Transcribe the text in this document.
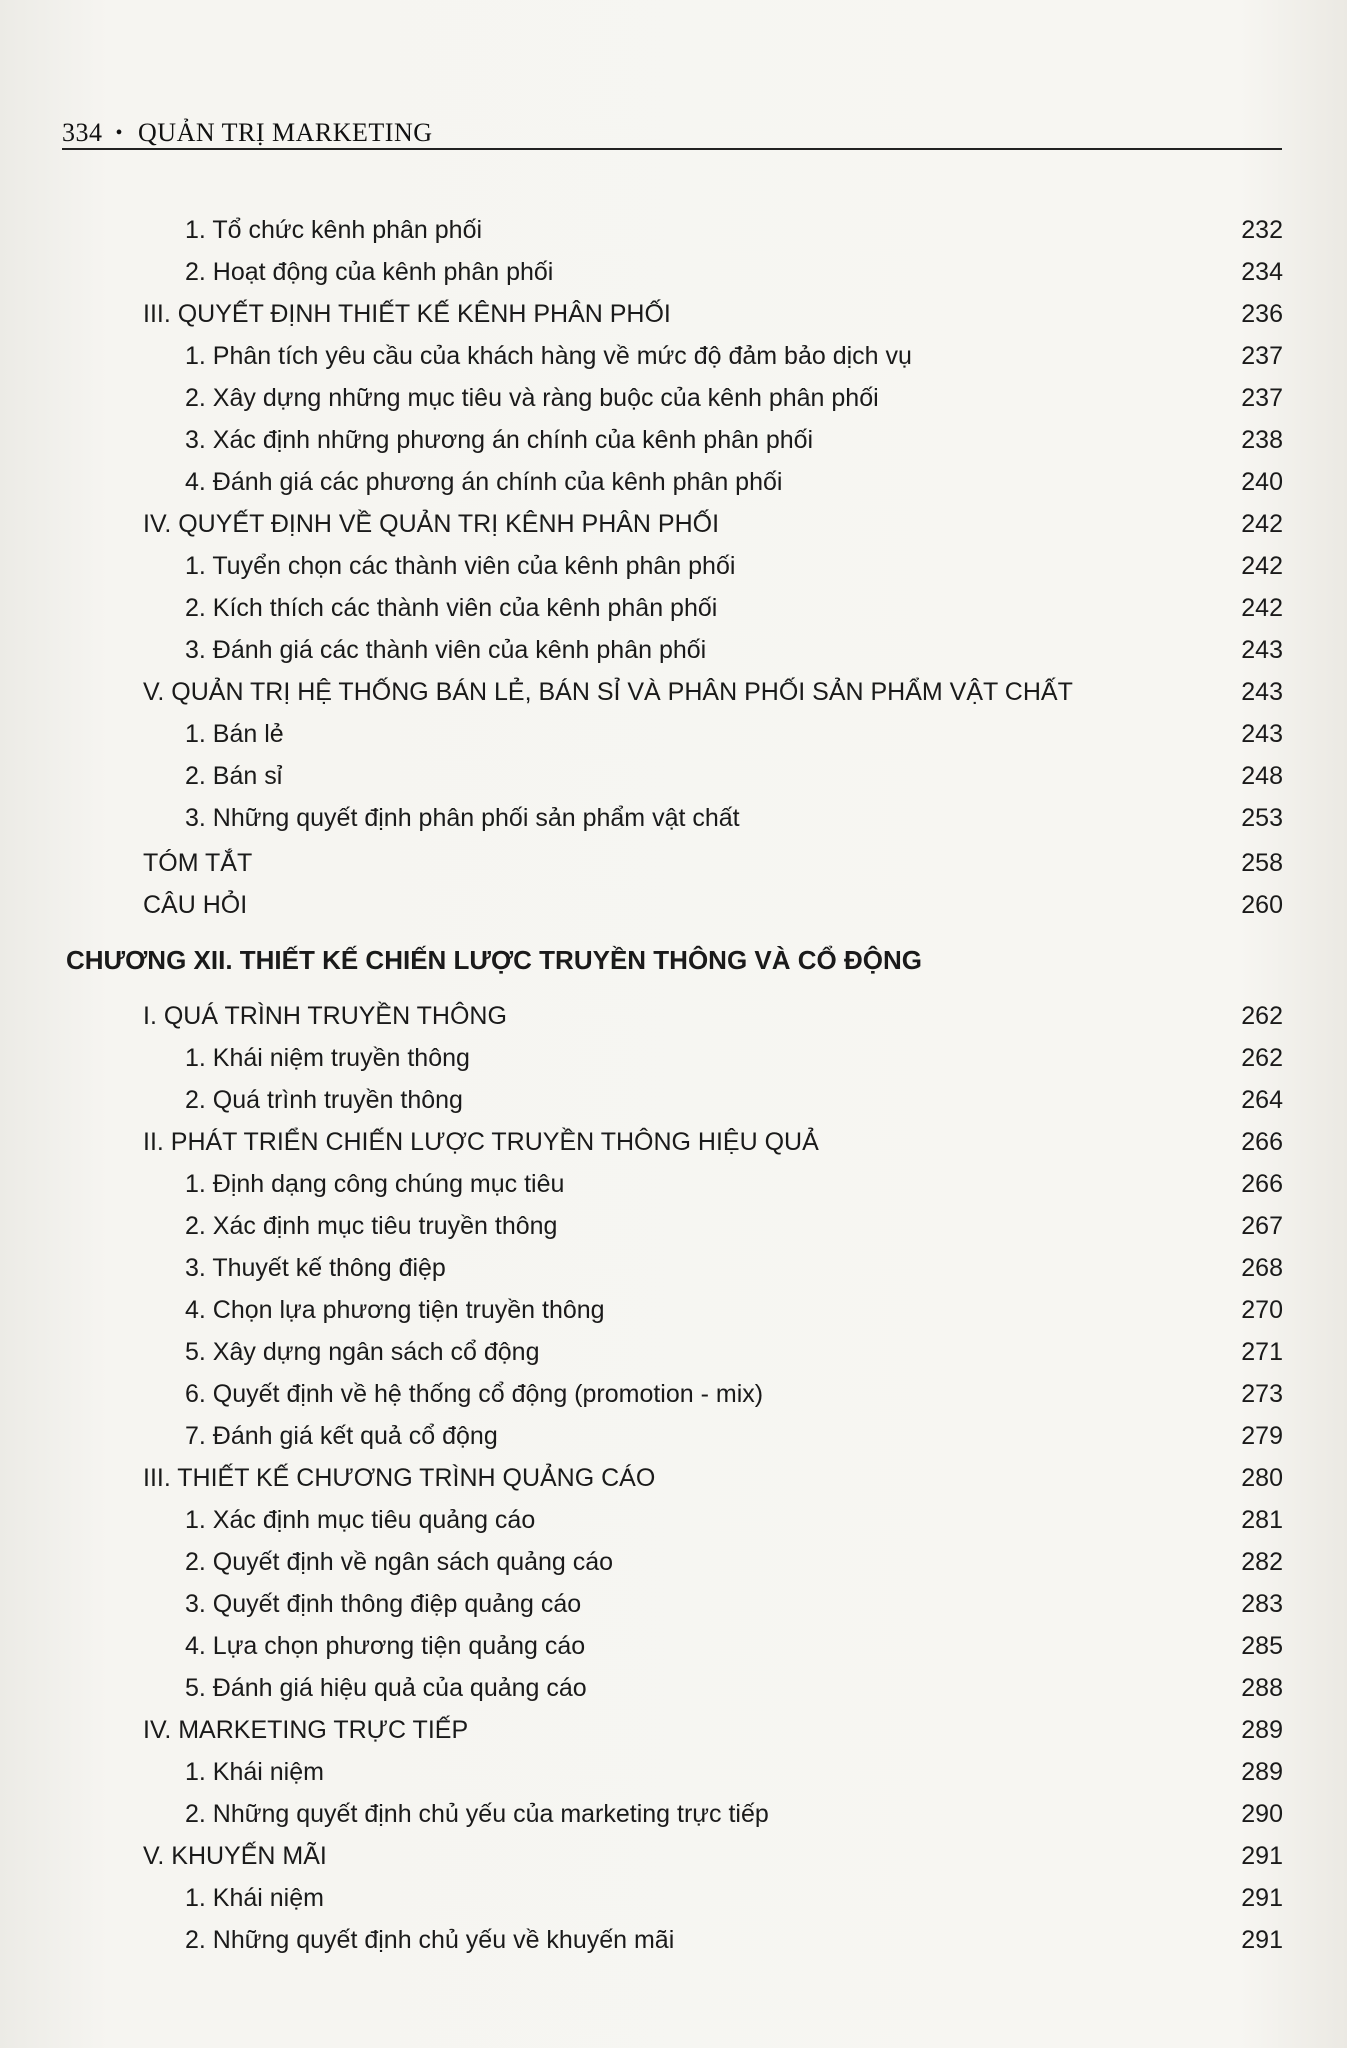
334 • QUẢN TRỊ MARKETING
1. Tổ chức kênh phân phối	232
2. Hoạt động của kênh phân phối	234
III. QUYẾT ĐỊNH THIẾT KẾ KÊNH PHÂN PHỐI	236
1. Phân tích yêu cầu của khách hàng về mức độ đảm bảo dịch vụ	237
2. Xây dựng những mục tiêu và ràng buộc của kênh phân phối	237
3. Xác định những phương án chính của kênh phân phối	238
4. Đánh giá các phương án chính của kênh phân phối	240
IV. QUYẾT ĐỊNH VỀ QUẢN TRỊ KÊNH PHÂN PHỐI	242
1. Tuyển chọn các thành viên của kênh phân phối	242
2. Kích thích các thành viên của kênh phân phối	242
3. Đánh giá các thành viên của kênh phân phối	243
V. QUẢN TRỊ HỆ THỐNG BÁN LẺ, BÁN SỈ VÀ PHÂN PHỐI SẢN PHẨM VẬT CHẤT	243
1. Bán lẻ	243
2. Bán sỉ	248
3. Những quyết định phân phối sản phẩm vật chất	253
TÓM TẮT	258
CÂU HỎI	260
CHƯƠNG XII. THIẾT KẾ CHIẾN LƯỢC TRUYỀN THÔNG VÀ CỔ ĐỘNG
I. QUÁ TRÌNH TRUYỀN THÔNG	262
1. Khái niệm truyền thông	262
2. Quá trình truyền thông	264
II. PHÁT TRIỂN CHIẾN LƯỢC TRUYỀN THÔNG HIỆU QUẢ	266
1. Định dạng công chúng mục tiêu	266
2. Xác định mục tiêu truyền thông	267
3. Thuyết kế thông điệp	268
4. Chọn lựa phương tiện truyền thông	270
5. Xây dựng ngân sách cổ động	271
6. Quyết định về hệ thống cổ động (promotion - mix)	273
7. Đánh giá kết quả cổ động	279
III. THIẾT KẾ CHƯƠNG TRÌNH QUẢNG CÁO	280
1. Xác định mục tiêu quảng cáo	281
2. Quyết định về ngân sách quảng cáo	282
3. Quyết định thông điệp quảng cáo	283
4. Lựa chọn phương tiện quảng cáo	285
5. Đánh giá hiệu quả của quảng cáo	288
IV. MARKETING TRỰC TIẾP	289
1. Khái niệm	289
2. Những quyết định chủ yếu của marketing trực tiếp	290
V. KHUYẾN MÃI	291
1. Khái niệm	291
2. Những quyết định chủ yếu về khuyến mãi	291
